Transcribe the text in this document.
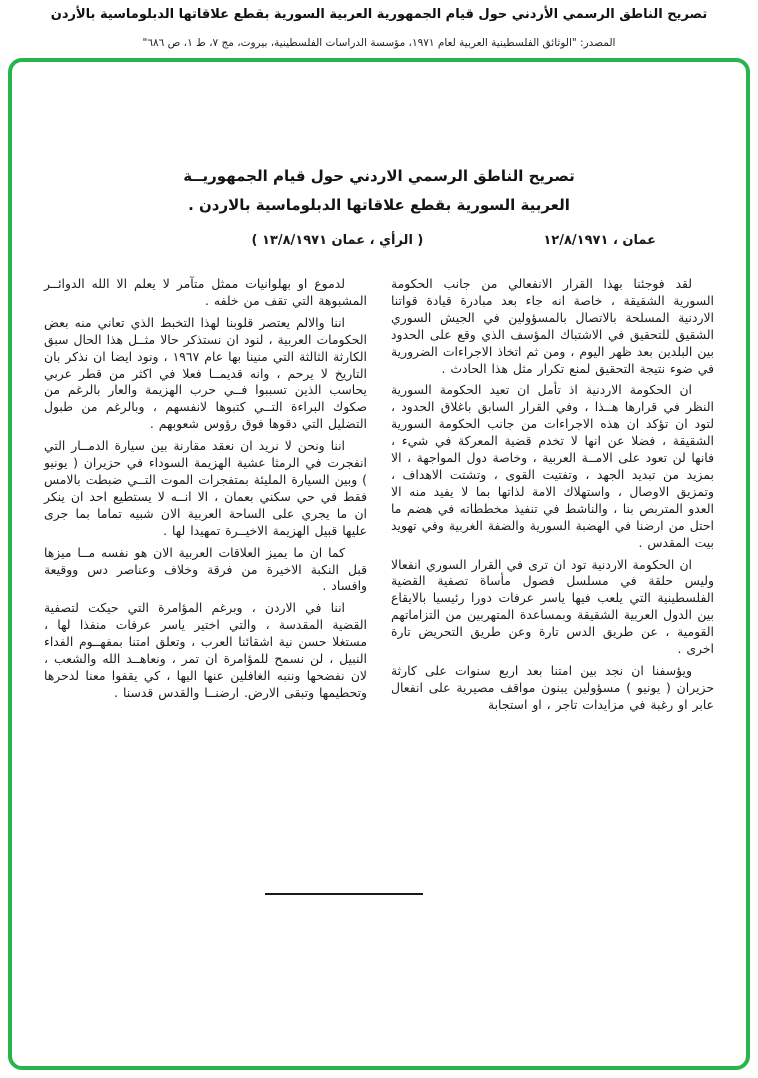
تصريح الناطق الرسمي الأردني حول قيام الجمهورية العربية السورية بقطع علاقاتها الدبلوماسية بالأردن
المصدر: "الوثائق الفلسطينية العربية لعام ١٩٧١، مؤسسة الدراسات الفلسطينية، بيروت، مج ٧، ط ١، ص ٦٨٦"
تصريح الناطق الرسمي الاردني حول قيام الجمهوريــة
العربية السورية بقطع علاقاتها الدبلوماسية بالاردن .
عمان ، ١٢/٨/١٩٧١
( الرأي ، عمان ١٣/٨/١٩٧١ )

لقد فوجئنا بهذا القرار الانفعالي من جانب الحكومة السورية الشقيقة ، خاصة انه جاء بعد مبادرة قيادة قواتنا الاردنية المسلحة بالاتصال بالمسؤولين في الجيش السوري الشقيق للتحقيق في الاشتباك المؤسف الذي وقع على الحدود بين البلدين بعد ظهر اليوم ، ومن ثم اتخاذ الاجراءات الضرورية في ضوء نتيجة التحقيق لمنع تكرار مثل هذا الحادث .

ان الحكومة الاردنية اذ تأمل ان تعيد الحكومة السورية النظر في قرارها هــذا ، وفي القرار السابق باغلاق الحدود ، لتود ان تؤكد ان هذه الاجراءات من جانب الحكومة السورية الشقيقة ، فضلا عن انها لا تخدم قضية المعركة في شيء ، فانها لن تعود على الامــة العربية ، وخاصة دول المواجهة ، الا بمزيد من تبديد الجهد ، وتفتيت القوى ، وتشتت الاهداف ، وتمزيق الاوصال ، واستهلاك الامة لذاتها بما لا يفيد منه الا العدو المتربص بنا ، والناشط في تنفيذ مخططاته في هضم ما احتل من ارضنا في الهضبة السورية والضفة الغربية وفي تهويد بيت المقدس .

ان الحكومة الاردنية تود ان ترى في القرار السوري انفعالا وليس حلقة في مسلسل فصول مأساة تصفية القضية الفلسطينية التي يلعب فيها ياسر عرفات دورا رئيسيا بالايقاع بين الدول العربية الشقيقة وبمساعدة المتهربين من التزاماتهم القومية ، عن طريق الدس تارة وعن طريق التحريض تارة اخرى .

ويؤسفنا ان نجد بين امتنا بعد اربع سنوات على كارثة حزيران ( يونيو ) مسؤولين يبنون مواقف مصيرية على انفعال عابر او رغبة في مزايدات تاجر ، او استجابة

لدموع او بهلوانيات ممثل متآمر لا يعلم الا الله الدوائــر المشبوهة التي تقف من خلفه .

اننا والالم يعتصر قلوبنا لهذا التخبط الذي تعاني منه بعض الحكومات العربية ، لنود ان نستذكر حالا مثــل هذا الحال سبق الكارثة الثالثة التي منينا بها عام ١٩٦٧ ، ونود ايضا ان نذكر بان التاريخ لا يرحم ، وانه قديمــا فعلا في اكثر من قطر عربي يحاسب الذين تسببوا فــي حرب الهزيمة والعار بالرغم من صكوك البراءة التــي كتبوها لانفسهم ، وبالرغم من طبول التضليل التي دقوها فوق رؤوس شعوبهم .

اننا ونحن لا نريد ان نعقد مقارنة بين سيارة الدمــار التي انفجرت في الرمثا عشية الهزيمة السوداء في حزيران ( يونيو ) وبين السيارة المليئة بمتفجرات الموت التــي ضبطت بالامس فقط في حي سكني بعمان ، الا انــه لا يستطيع احد ان ينكر ان ما يجري على الساحة العربية الان شبيه تماما بما جرى عليها قبيل الهزيمة الاخيــرة تمهيدا لها .

كما ان ما يميز العلاقات العربية الان هو نفسه مــا ميزها قبل النكبة الاخيرة من فرقة وخلاف وعناصر دس ووقيعة وافساد .

اننا في الاردن ، وبرغم المؤامرة التي حيكت لتصفية القضية المقدسة ، والتي اختير ياسر عرفات منفذا لها ، مستغلا حسن نية اشقائنا العرب ، وتعلق امتنا بمفهــوم الفداء النبيل ، لن نسمح للمؤامرة ان تمر ، ونعاهــد الله والشعب ، لان نفضحها وننبه الغافلين عنها اليها ، كي يقفوا معنا لدحرها وتحطيمها وتبقى الارض. ارضنــا والقدس قدسنا .
